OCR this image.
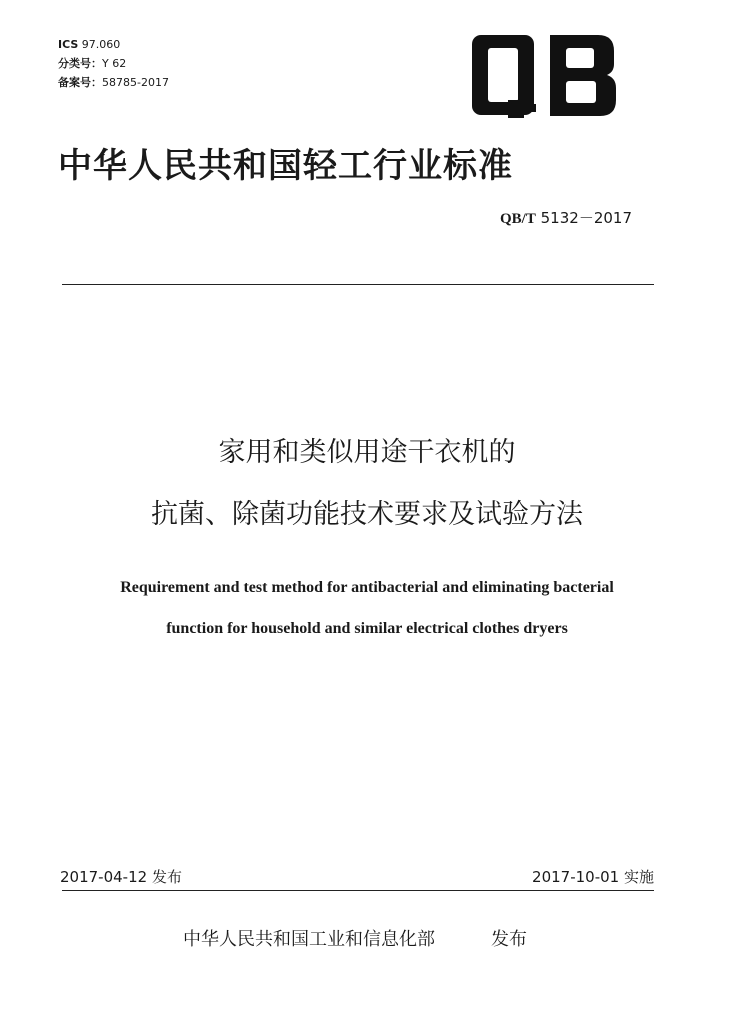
ICS 97.060
分类号：Y 62
备案号：58785-2017
中华人民共和国轻工行业标准
QB/T 5132－2017
家用和类似用途干衣机的
抗菌、除菌功能技术要求及试验方法
Requirement and test method for antibacterial and eliminating bacterial
function for household and similar electrical clothes dryers
2017-04-12 发布	2017-10-01 实施
中华人民共和国工业和信息化部	发布
